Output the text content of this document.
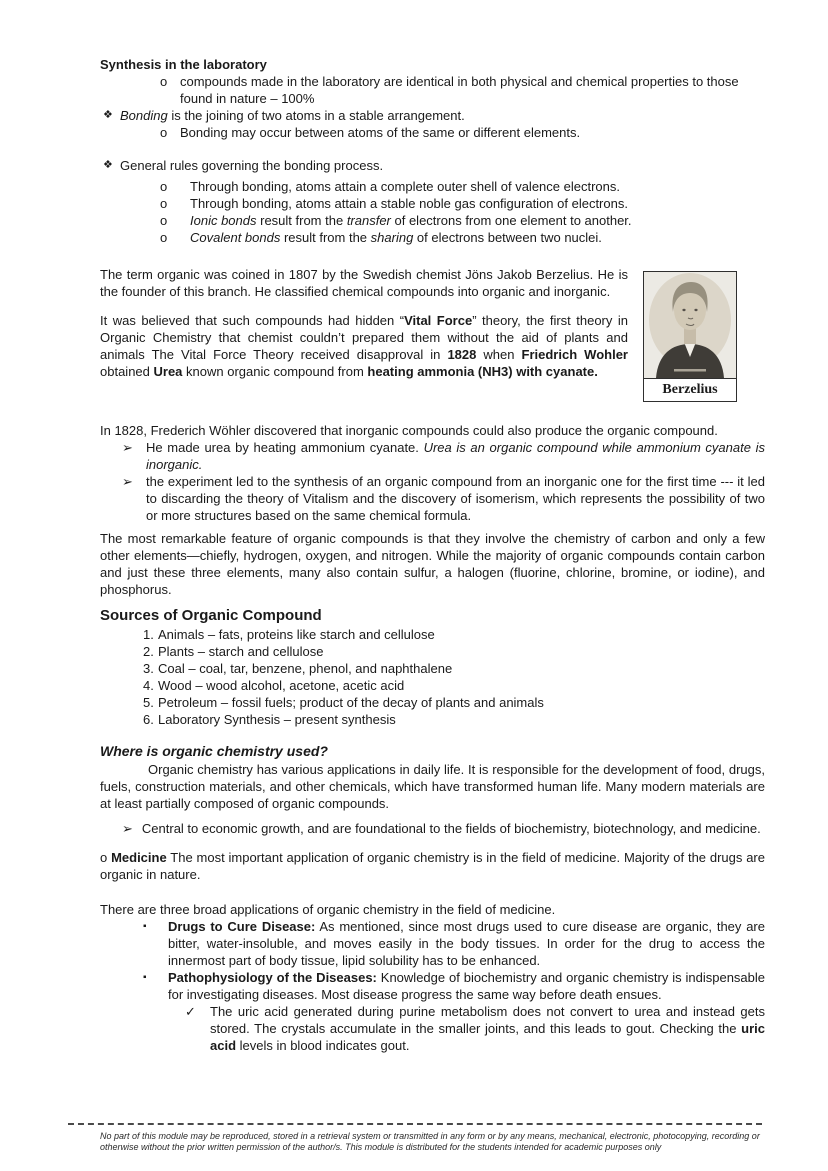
Synthesis in the laboratory
o compounds made in the laboratory are identical in both physical and chemical properties to those found in nature – 100%
❖ Bonding is the joining of two atoms in a stable arrangement.
o Bonding may occur between atoms of the same or different elements.
❖ General rules governing the bonding process.
o	Through bonding, atoms attain a complete outer shell of valence electrons.
o	Through bonding, atoms attain a stable noble gas configuration of electrons.
o	Ionic bonds result from the transfer of electrons from one element to another.
o	Covalent bonds result from the sharing of electrons between two nuclei.
Berzelius

The term organic was coined in 1807 by the Swedish chemist Jöns Jakob Berzelius. He is the founder of this branch. He classified chemical compounds into organic and inorganic.

It was believed that such compounds had hidden “Vital Force” theory, the first theory in Organic Chemistry that chemist couldn’t prepared them without the aid of plants and animals The Vital Force Theory received disapproval in 1828 when Friedrich Wohler obtained Urea known organic compound from heating ammonia (NH3) with cyanate.

In 1828, Frederich Wöhler discovered that inorganic compounds could also produce the organic compound.

➢	He made urea by heating ammonium cyanate. Urea is an organic compound while ammonium cyanate is inorganic.
➢	the experiment led to the synthesis of an organic compound from an inorganic one for the first time --- it led to discarding the theory of Vitalism and the discovery of isomerism, which represents the possibility of two or more structures based on the same chemical formula.

The most remarkable feature of organic compounds is that they involve the chemistry of carbon and only a few other elements—chiefly, hydrogen, oxygen, and nitrogen. While the majority of organic compounds contain carbon and just these three elements, many also contain sulfur, a halogen (fluorine, chlorine, bromine, or iodine), and phosphorus.

Sources of Organic Compound
1. Animals – fats, proteins like starch and cellulose
2. Plants – starch and cellulose
3. Coal – coal, tar, benzene, phenol, and naphthalene
4. Wood – wood alcohol, acetone, acetic acid
5. Petroleum – fossil fuels; product of the decay of plants and animals
6. Laboratory Synthesis – present synthesis
Where is organic chemistry used?

Organic chemistry has various applications in daily life. It is responsible for the development of food, drugs, fuels, construction materials, and other chemicals, which have transformed human life. Many modern materials are at least partially composed of organic compounds.

➢ Central to economic growth, and are foundational to the fields of biochemistry, biotechnology, and medicine.

o Medicine The most important application of organic chemistry is in the field of medicine. Majority of the drugs are organic in nature.

There are three broad applications of organic chemistry in the field of medicine.

▪	Drugs to Cure Disease: As mentioned, since most drugs used to cure disease are organic, they are bitter, water-insoluble, and moves easily in the body tissues. In order for the drug to access the innermost part of body tissue, lipid solubility has to be enhanced.
▪	Pathophysiology of the Diseases: Knowledge of biochemistry and organic chemistry is indispensable for investigating diseases. Most disease progress the same way before death ensues.
✓	The uric acid generated during purine metabolism does not convert to urea and instead gets stored. The crystals accumulate in the smaller joints, and this leads to gout. Checking the uric acid levels in blood indicates gout.

No part of this module may be reproduced, stored in a retrieval system or transmitted in any form or by any means, mechanical, electronic, photocopying, recording or otherwise without the prior written permission of the author/s. This module is distributed for the students intended for academic purposes only
